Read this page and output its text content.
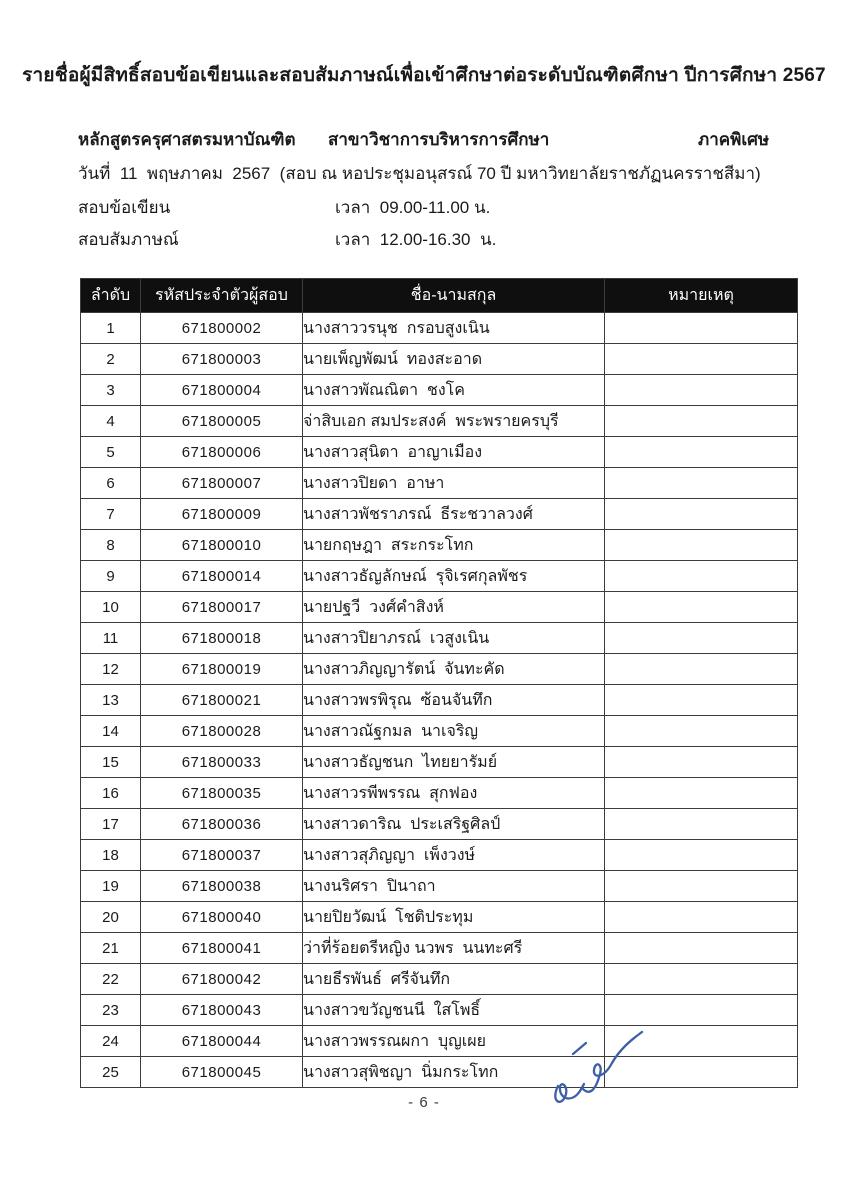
รายชื่อผู้มีสิทธิ์สอบข้อเขียนและสอบสัมภาษณ์เพื่อเข้าศึกษาต่อระดับบัณฑิตศึกษา ปีการศึกษา 2567
หลักสูตรครุศาสตรมหาบัณฑิต สาขาวิชาการบริหารการศึกษา	ภาคพิเศษ
วันที่  11  พฤษภาคม  2567  (สอบ ณ หอประชุมอนุสรณ์ 70 ปี มหาวิทยาลัยราชภัฏนครราชสีมา)
สอบข้อเขียน	เวลา  09.00-11.00 น.
สอบสัมภาษณ์	เวลา  12.00-16.30  น.
ลำดับ	รหัสประจำตัวผู้สอบ	ชื่อ-นามสกุล	หมายเหตุ
1	671800002	นางสาววรนุช  กรอบสูงเนิน	
2	671800003	นายเพ็ญพัฒน์  ทองสะอาด	
3	671800004	นางสาวพัณณิตา  ชงโค	
4	671800005	จ่าสิบเอก สมประสงค์  พระพรายครบุรี	
5	671800006	นางสาวสุนิตา  อาญาเมือง	
6	671800007	นางสาวปิยดา  อาษา	
7	671800009	นางสาวพัชราภรณ์  ธีระชวาลวงศ์	
8	671800010	นายกฤษฎา  สระกระโทก	
9	671800014	นางสาวธัญลักษณ์  รุจิเรศกุลพัชร	
10	671800017	นายปฐวี  วงศ์คำสิงห์	
11	671800018	นางสาวปิยาภรณ์  เวสูงเนิน	
12	671800019	นางสาวภิญญารัตน์  จันทะคัด	
13	671800021	นางสาวพรพิรุณ  ซ้อนจันทึก	
14	671800028	นางสาวณัฐกมล  นาเจริญ	
15	671800033	นางสาวธัญชนก  ไทยยารัมย์	
16	671800035	นางสาวรพีพรรณ  สุกฟอง	
17	671800036	นางสาวดาริณ  ประเสริฐศิลป์	
18	671800037	นางสาวสุภิญญา  เพ็งวงษ์	
19	671800038	นางนริศรา  ปินาถา	
20	671800040	นายปิยวัฒน์  โชติประทุม	
21	671800041	ว่าที่ร้อยตรีหญิง นวพร  นนทะศรี	
22	671800042	นายธีรพันธ์  ศรีจันทึก	
23	671800043	นางสาวขวัญชนนี  ใสโพธิ์	
24	671800044	นางสาวพรรณผกา  บุญเผย	
25	671800045	นางสาวสุพิชญา  นิ่มกระโทก	
- 6 -
